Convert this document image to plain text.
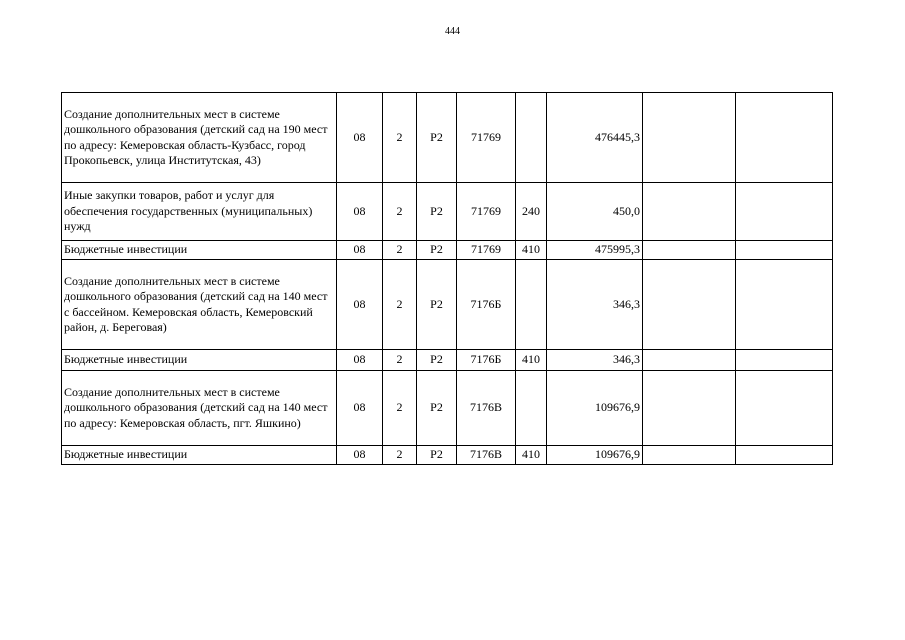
444
Создание дополнительных мест в системе дошкольного образования (детский сад на 190 мест по адресу: Кемеровская область-Кузбасс, город Прокопьевск, улица Институтская, 43)	08	2	Р2	71769		476445,3		
Иные закупки товаров, работ и услуг для обеспечения государственных (муниципальных) нужд	08	2	Р2	71769	240	450,0		
Бюджетные инвестиции	08	2	Р2	71769	410	475995,3		
Создание дополнительных мест в системе дошкольного образования (детский сад на 140 мест с бассейном. Кемеровская область, Кемеровский район, д. Береговая)	08	2	Р2	7176Б		346,3		
Бюджетные инвестиции	08	2	Р2	7176Б	410	346,3		
Создание дополнительных мест в системе дошкольного образования (детский сад на 140 мест по адресу: Кемеровская область, пгт. Яшкино)	08	2	Р2	7176В		109676,9		
Бюджетные инвестиции	08	2	Р2	7176В	410	109676,9		
